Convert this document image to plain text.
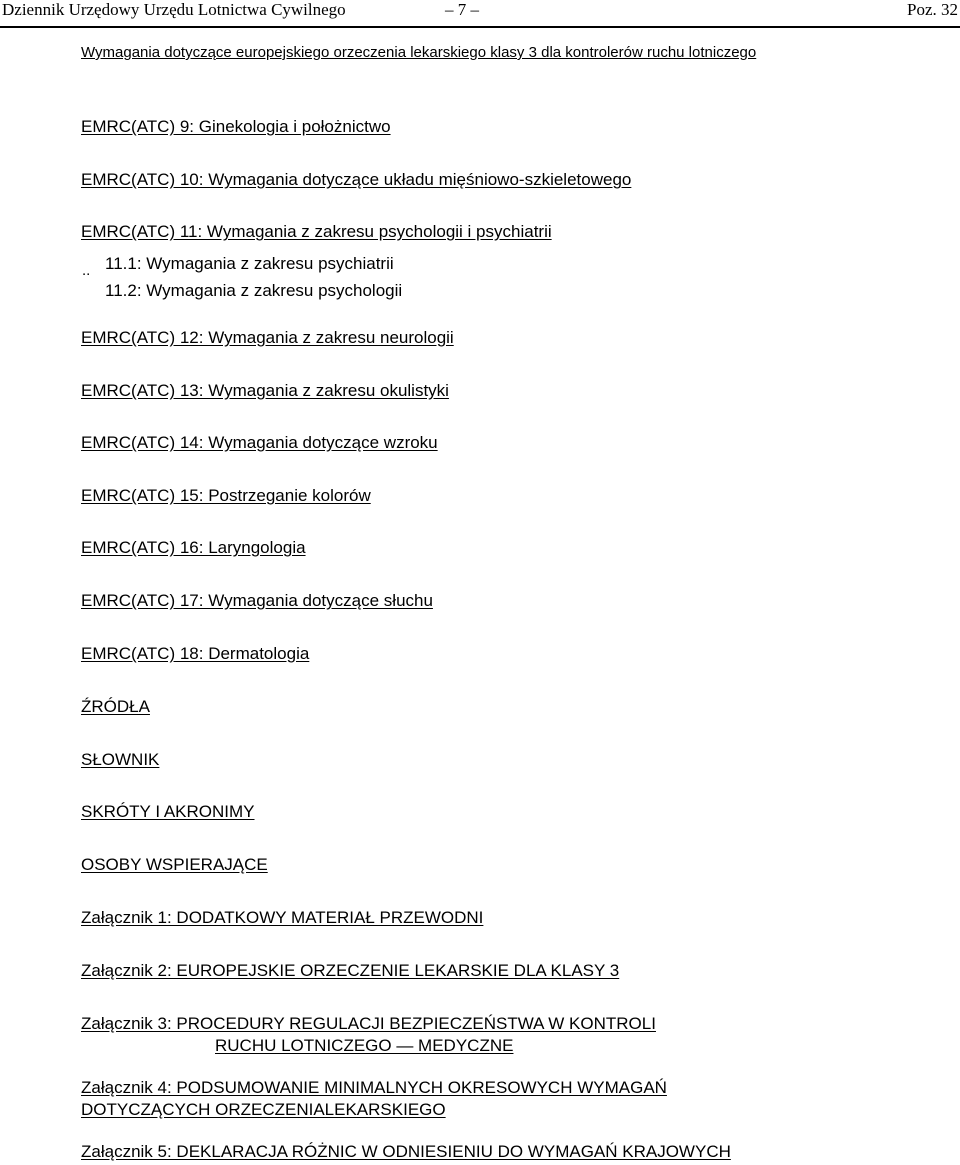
Dziennik Urzędowy Urzędu Lotnictwa Cywilnego	– 7 –	Poz. 32
Wymagania dotyczące europejskiego orzeczenia lekarskiego klasy 3 dla kontrolerów ruchu lotniczego
EMRC(ATC) 9: Ginekologia i położnictwo
EMRC(ATC) 10: Wymagania dotyczące układu mięśniowo-szkieletowego
EMRC(ATC) 11: Wymagania z zakresu psychologii i psychiatrii
.. 11.1: Wymagania z zakresu psychiatrii
11.2: Wymagania z zakresu psychologii
EMRC(ATC) 12: Wymagania z zakresu neurologii
EMRC(ATC) 13: Wymagania z zakresu okulistyki
EMRC(ATC) 14: Wymagania dotyczące wzroku
EMRC(ATC) 15: Postrzeganie kolorów
EMRC(ATC) 16: Laryngologia
EMRC(ATC) 17: Wymagania dotyczące słuchu
EMRC(ATC) 18: Dermatologia
ŹRÓDŁA
SŁOWNIK
SKRÓTY I AKRONIMY
OSOBY WSPIERAJĄCE
Załącznik 1: DODATKOWY MATERIAŁ PRZEWODNI
Załącznik 2: EUROPEJSKIE ORZECZENIE LEKARSKIE DLA KLASY 3
Załącznik 3: PROCEDURY REGULACJI BEZPIECZEŃSTWA W KONTROLI
RUCHU LOTNICZEGO — MEDYCZNE
Załącznik 4: PODSUMOWANIE MINIMALNYCH OKRESOWYCH WYMAGAŃ
DOTYCZĄCYCH ORZECZENIALEKARSKIEGO
Załącznik 5: DEKLARACJA RÓŻNIC W ODNIESIENIU DO WYMAGAŃ KRAJOWYCH
